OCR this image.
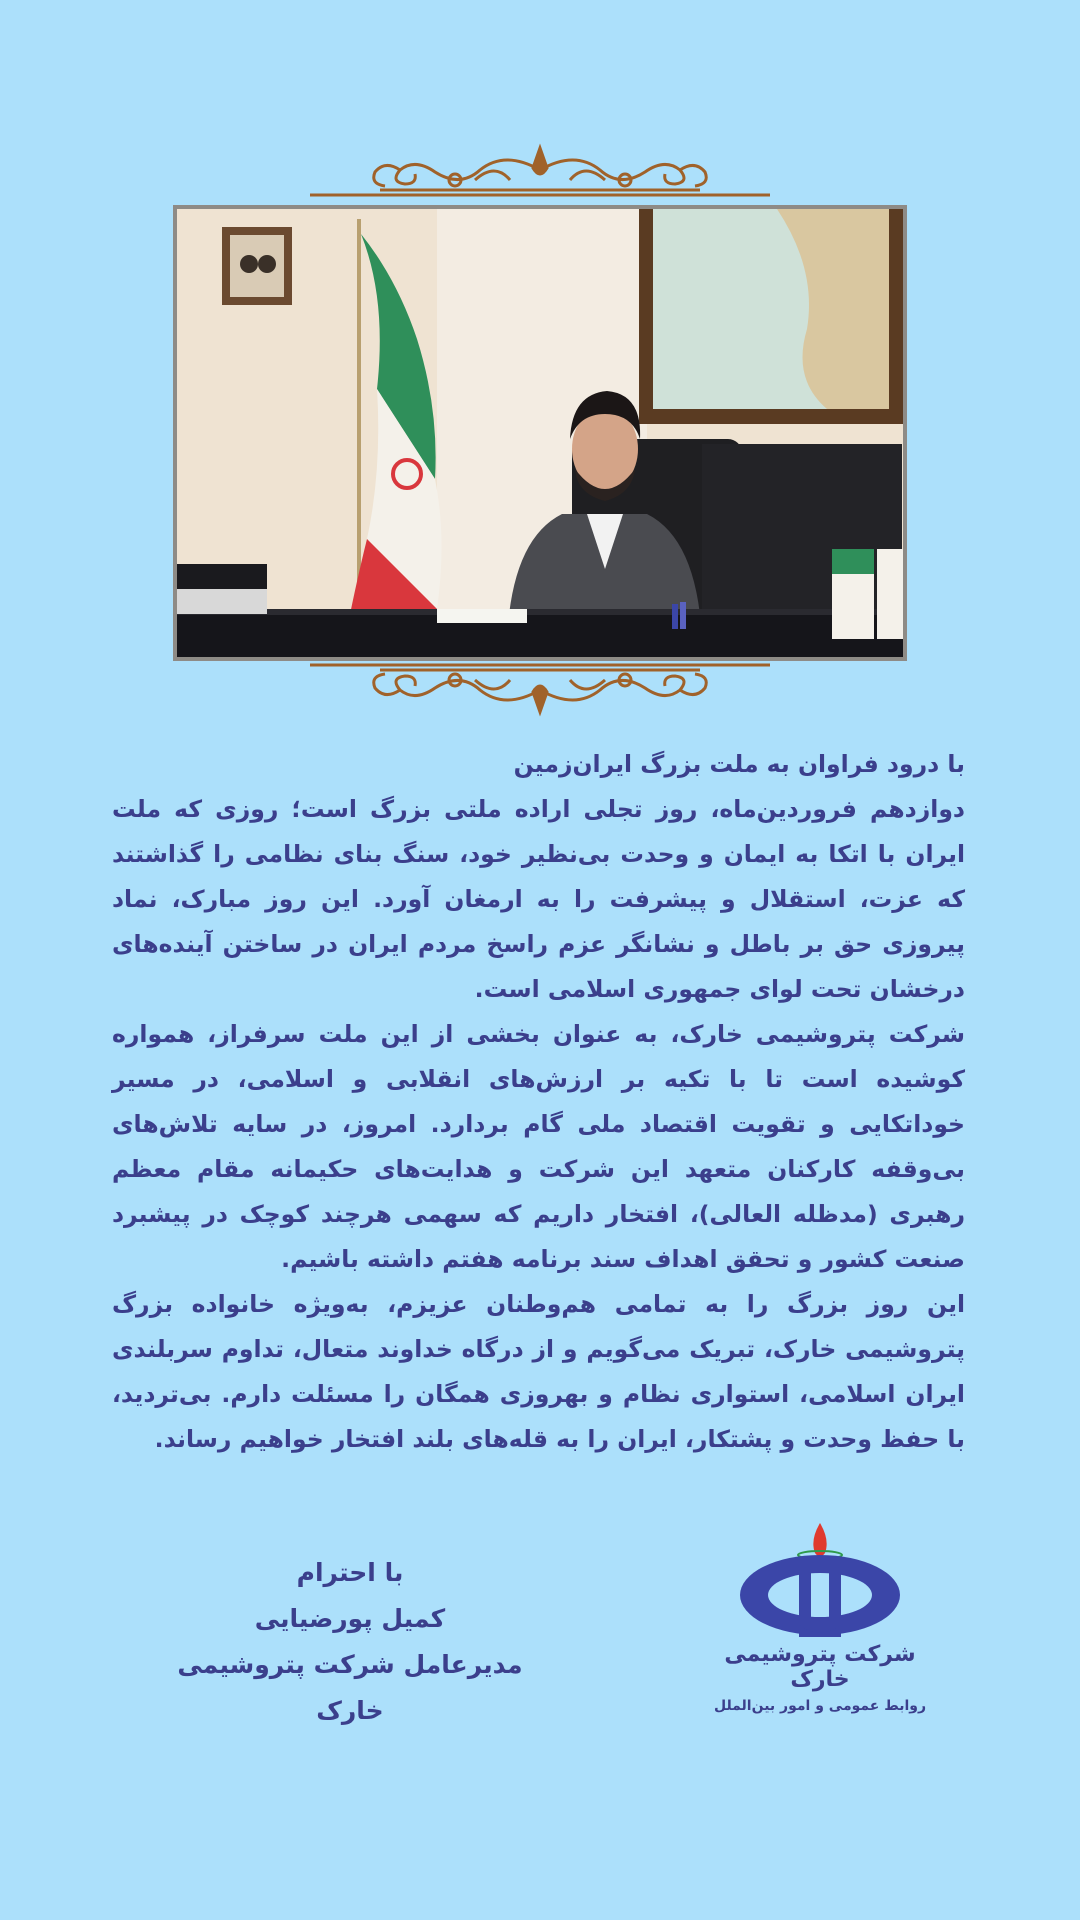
با درود فراوان به ملت بزرگ ایران‌زمین

دوازدهم فروردین‌ماه، روز تجلی اراده ملتی بزرگ است؛ روزی که ملت ایران با اتکا به ایمان و وحدت بی‌نظیر خود، سنگ بنای نظامی را گذاشتند که عزت، استقلال و پیشرفت را به ارمغان آورد. این روز مبارک، نماد پیروزی حق بر باطل و نشانگر عزم راسخ مردم ایران در ساختن آینده‌های درخشان تحت لوای جمهوری اسلامی است.

شرکت پتروشیمی خارک، به عنوان بخشی از این ملت سرفراز، همواره کوشیده است تا با تکیه بر ارزش‌های انقلابی و اسلامی، در مسیر خوداتکایی و تقویت اقتصاد ملی گام بردارد. امروز، در سایه تلاش‌های بی‌وقفه کارکنان متعهد این شرکت و هدایت‌های حکیمانه مقام معظم رهبری (مدظله العالی)، افتخار داریم که سهمی هرچند کوچک در پیشبرد صنعت کشور و تحقق اهداف سند برنامه هفتم داشته باشیم.

این روز بزرگ را به تمامی هم‌وطنان عزیزم، به‌ویژه خانواده بزرگ پتروشیمی خارک، تبریک می‌گویم و از درگاه خداوند متعال، تداوم سربلندی ایران اسلامی، استواری نظام و بهروزی همگان را مسئلت دارم. بی‌تردید، با حفظ وحدت و پشتکار، ایران را به قله‌های بلند افتخار خواهیم رساند.

با احترام
کمیل پورضیایی
مدیرعامل شرکت پتروشیمی خارک
شرکت پتروشیمی خارک
روابط عمومی و امور بین‌الملل
